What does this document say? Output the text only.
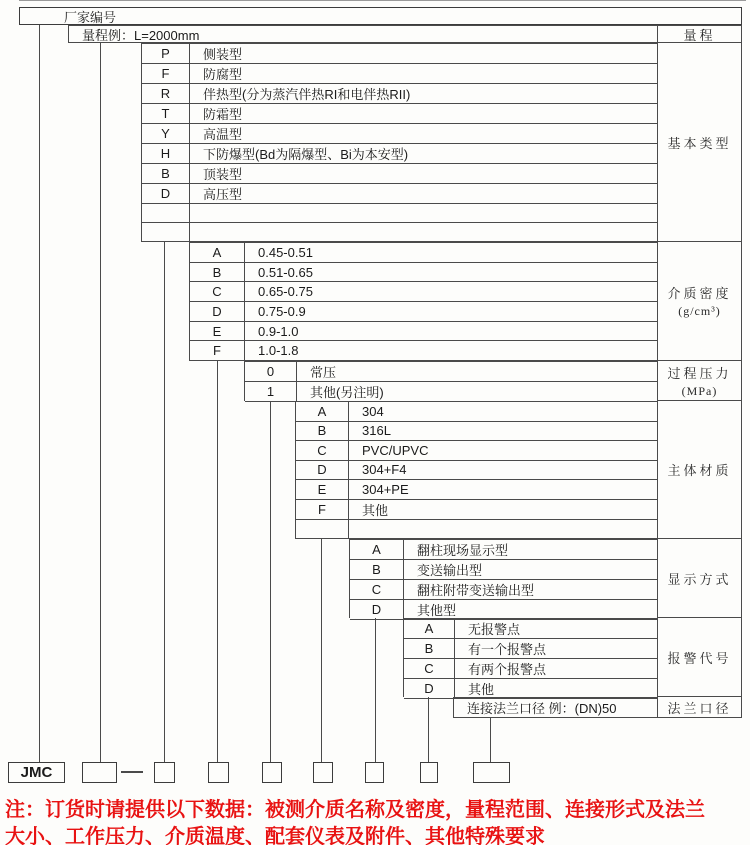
厂家编号
量程例：L=2000mm
注：订货时请提供以下数据：被测介质名称及密度，量程范围、连接形式及法兰
大小、工作压力、介质温度、配套仪表及附件、其他特殊要求
P	侧装型
F	防腐型
R	伴热型(分为蒸汽伴热RI和电伴热RII)
T	防霜型
Y	高温型
H	下防爆型(Bd为隔爆型、Bi为本安型)
B	顶装型
D	高压型
A	0.45-0.51
B	0.51-0.65
C	0.65-0.75
D	0.75-0.9
E	0.9-1.0
F	1.0-1.8
0	常压
1	其他(另注明)
A	304
B	316L
C	PVC/UPVC
D	304+F4
E	304+PE
F	其他
A	翻柱现场显示型
B	变送输出型
C	翻柱附带变送输出型
D	其他型
A	无报警点
B	有一个报警点
C	有两个报警点
D	其他
连接法兰口径 例：(DN)50
量程
基本类型
介质密度
(g/cm³)
过程压力
(MPa)
主体材质
显示方式
报警代号
法兰口径
JMC
